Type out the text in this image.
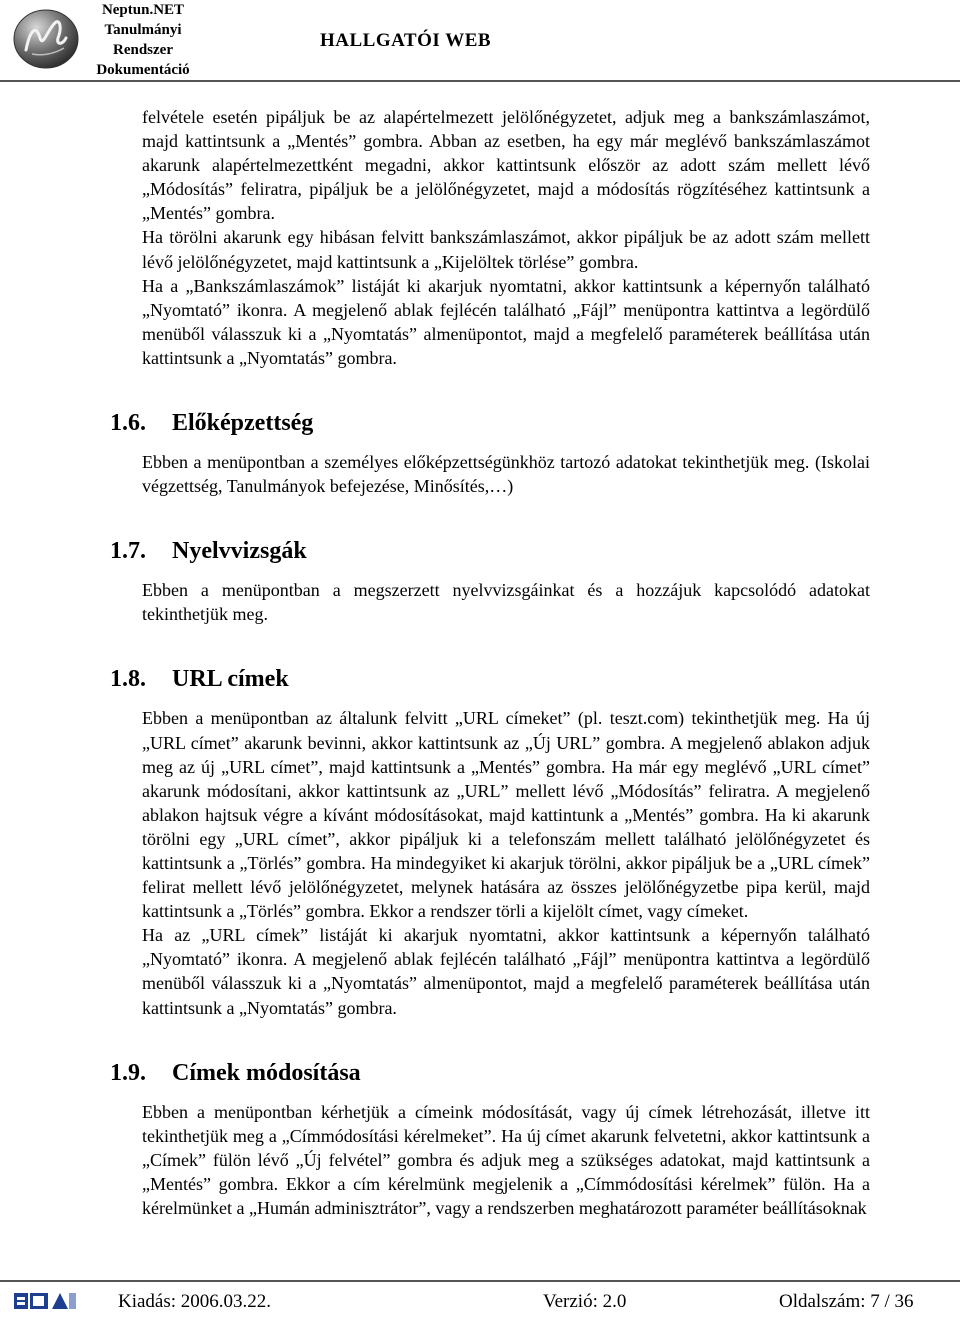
Neptun.NET
Tanulmányi
Rendszer
Dokumentáció
HALLGATÓI WEB

felvétele esetén pipáljuk be az alapértelmezett jelölőnégyzetet, adjuk meg a bankszámlaszámot, majd kattintsunk a „Mentés” gombra. Abban az esetben, ha egy már meglévő bankszámlaszámot akarunk alapértelmezettként megadni, akkor kattintsunk először az adott szám mellett lévő „Módosítás” feliratra, pipáljuk be a jelölőnégyzetet, majd a módosítás rögzítéséhez kattintsunk a „Mentés” gombra.

Ha törölni akarunk egy hibásan felvitt bankszámlaszámot, akkor pipáljuk be az adott szám mellett lévő jelölőnégyzetet, majd kattintsunk a „Kijelöltek törlése” gombra.

Ha a „Bankszámlaszámok” listáját ki akarjuk nyomtatni, akkor kattintsunk a képernyőn található „Nyomtató” ikonra. A megjelenő ablak fejlécén található „Fájl” menüpontra kattintva a legördülő menüből válasszuk ki a „Nyomtatás” almenüpontot, majd a megfelelő paraméterek beállítása után kattintsunk a „Nyomtatás” gombra.

1.6. Előképzettség

Ebben a menüpontban a személyes előképzettségünkhöz tartozó adatokat tekinthetjük meg. (Iskolai végzettség, Tanulmányok befejezése, Minősítés,…)

1.7. Nyelvvizsgák

Ebben a menüpontban a megszerzett nyelvvizsgáinkat és a hozzájuk kapcsolódó adatokat tekinthetjük meg.

1.8. URL címek

Ebben a menüpontban az általunk felvitt „URL címeket” (pl. teszt.com) tekinthetjük meg. Ha új „URL címet” akarunk bevinni, akkor kattintsunk az „Új URL” gombra. A megjelenő ablakon adjuk meg az új „URL címet”, majd kattintsunk a „Mentés” gombra. Ha már egy meglévő „URL címet” akarunk módosítani, akkor kattintsunk az „URL” mellett lévő „Módosítás” feliratra. A megjelenő ablakon hajtsuk végre a kívánt módosításokat, majd kattintunk a „Mentés” gombra. Ha ki akarunk törölni egy „URL címet”, akkor pipáljuk ki a telefonszám mellett található jelölőnégyzetet és kattintsunk a „Törlés” gombra. Ha mindegyiket ki akarjuk törölni, akkor pipáljuk be a „URL címek” felirat mellett lévő jelölőnégyzetet, melynek hatására az összes jelölőnégyzetbe pipa kerül, majd kattintsunk a „Törlés” gombra. Ekkor a rendszer törli a kijelölt címet, vagy címeket.

Ha az „URL címek” listáját ki akarjuk nyomtatni, akkor kattintsunk a képernyőn található „Nyomtató” ikonra. A megjelenő ablak fejlécén található „Fájl” menüpontra kattintva a legördülő menüből válasszuk ki a „Nyomtatás” almenüpontot, majd a megfelelő paraméterek beállítása után kattintsunk a „Nyomtatás” gombra.

1.9. Címek módosítása

Ebben a menüpontban kérhetjük a címeink módosítását, vagy új címek létrehozását, illetve itt tekinthetjük meg a „Címmódosítási kérelmeket”. Ha új címet akarunk felvetetni, akkor kattintsunk a „Címek” fülön lévő „Új felvétel” gombra és adjuk meg a szükséges adatokat, majd kattintsunk a „Mentés” gombra. Ekkor a cím kérelmünk megjelenik a „Címmódosítási kérelmek” fülön. Ha a kérelmünket a „Humán adminisztrátor”, vagy a rendszerben meghatározott paraméter beállításoknak

SDA	Kiadás: 2006.03.22.	Verzió: 2.0	Oldalszám: 7 / 36
